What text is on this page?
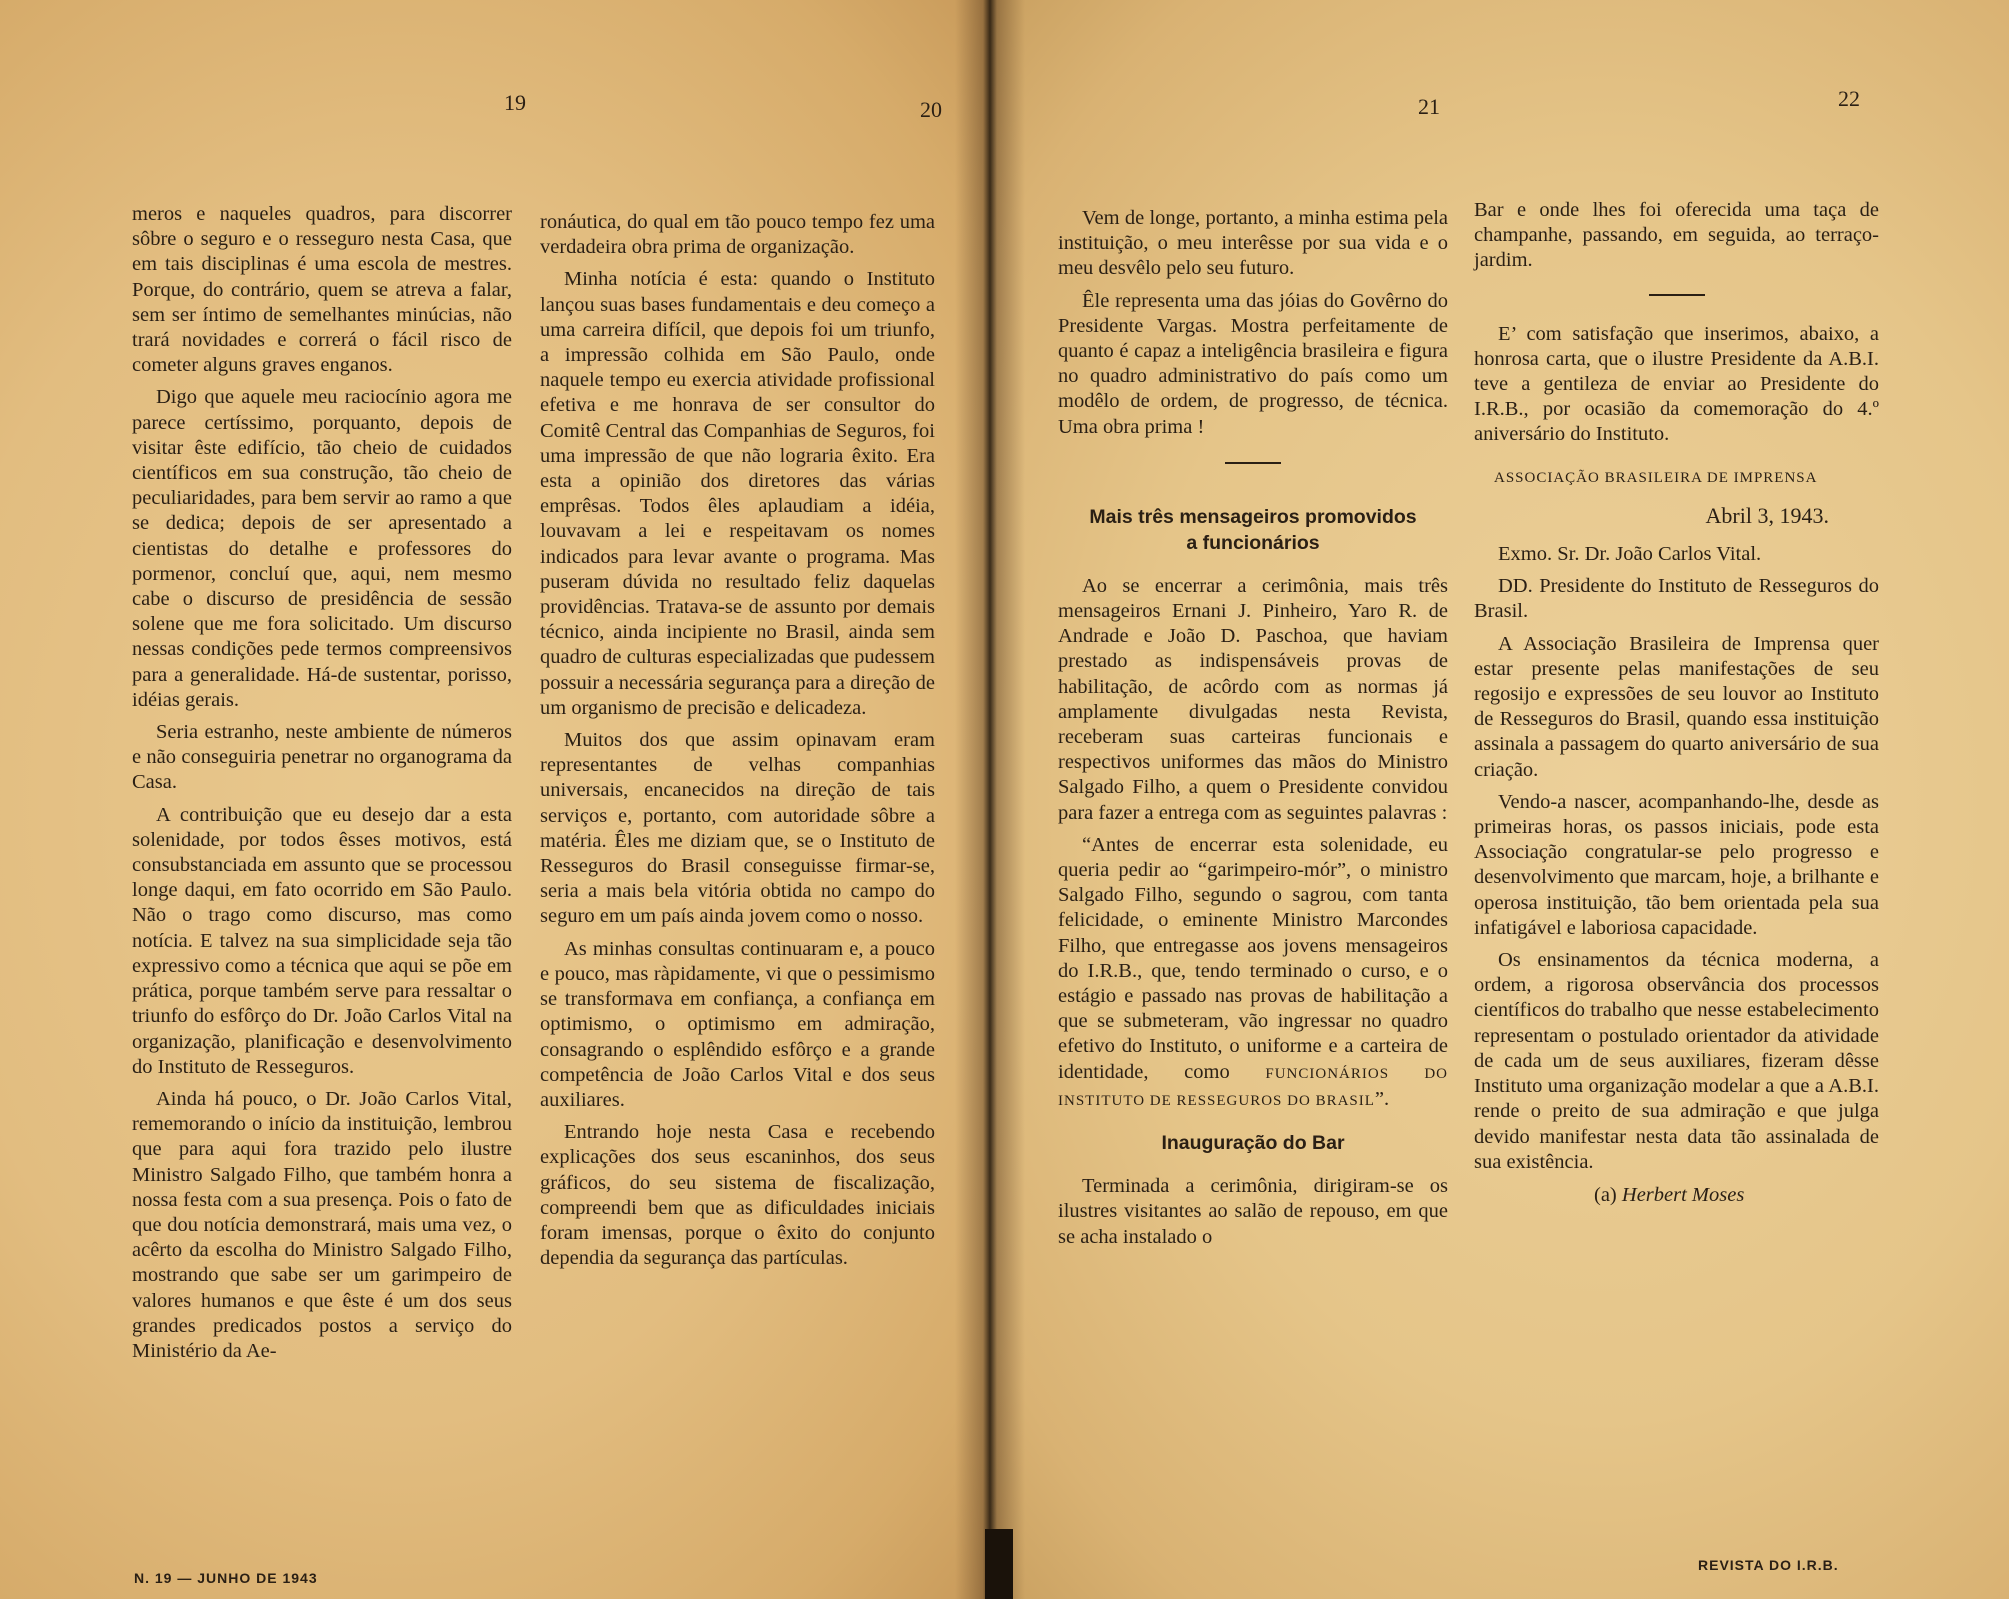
19	20	21	22

meros e naqueles quadros, para discorrer sôbre o seguro e o resseguro nesta Casa, que em tais disciplinas é uma escola de mestres. Porque, do contrário, quem se atreva a falar, sem ser íntimo de semelhantes minúcias, não trará novidades e correrá o fácil risco de cometer alguns graves enganos.

Digo que aquele meu raciocínio agora me parece certíssimo, porquanto, depois de visitar êste edifício, tão cheio de cuidados científicos em sua construção, tão cheio de peculiaridades, para bem servir ao ramo a que se dedica; depois de ser apresentado a cientistas do detalhe e professores do pormenor, concluí que, aqui, nem mesmo cabe o discurso de presidência de sessão solene que me fora solicitado. Um discurso nessas condições pede termos compreensivos para a generalidade. Há-de sustentar, porisso, idéias gerais.

Seria estranho, neste ambiente de números e não conseguiria penetrar no organograma da Casa.

A contribuição que eu desejo dar a esta solenidade, por todos êsses motivos, está consubstanciada em assunto que se processou longe daqui, em fato ocorrido em São Paulo. Não o trago como discurso, mas como notícia. E talvez na sua simplicidade seja tão expressivo como a técnica que aqui se põe em prática, porque também serve para ressaltar o triunfo do esfôrço do Dr. João Carlos Vital na organização, planificação e desenvolvimento do Instituto de Resseguros.

Ainda há pouco, o Dr. João Carlos Vital, rememorando o início da instituição, lembrou que para aqui fora trazido pelo ilustre Ministro Salgado Filho, que também honra a nossa festa com a sua presença. Pois o fato de que dou notícia demonstrará, mais uma vez, o acêrto da escolha do Ministro Salgado Filho, mostrando que sabe ser um garimpeiro de valores humanos e que êste é um dos seus grandes predicados postos a serviço do Ministério da Ae-

ronáutica, do qual em tão pouco tempo fez uma verdadeira obra prima de organização.

Minha notícia é esta: quando o Instituto lançou suas bases fundamentais e deu começo a uma carreira difícil, que depois foi um triunfo, a impressão colhida em São Paulo, onde naquele tempo eu exercia atividade profissional efetiva e me honrava de ser consultor do Comitê Central das Companhias de Seguros, foi uma impressão de que não lograria êxito. Era esta a opinião dos diretores das várias emprêsas. Todos êles aplaudiam a idéia, louvavam a lei e respeitavam os nomes indicados para levar avante o programa. Mas puseram dúvida no resultado feliz daquelas providências. Tratava-se de assunto por demais técnico, ainda incipiente no Brasil, ainda sem quadro de culturas especializadas que pudessem possuir a necessária segurança para a direção de um organismo de precisão e delicadeza.

Muitos dos que assim opinavam eram representantes de velhas companhias universais, encanecidos na direção de tais serviços e, portanto, com autoridade sôbre a matéria. Êles me diziam que, se o Instituto de Resseguros do Brasil conseguisse firmar-se, seria a mais bela vitória obtida no campo do seguro em um país ainda jovem como o nosso.

As minhas consultas continuaram e, a pouco e pouco, mas ràpidamente, vi que o pessimismo se transformava em confiança, a confiança em optimismo, o optimismo em admiração, consagrando o esplêndido esfôrço e a grande competência de João Carlos Vital e dos seus auxiliares.

Entrando hoje nesta Casa e recebendo explicações dos seus escaninhos, dos seus gráficos, do seu sistema de fiscalização, compreendi bem que as dificuldades iniciais foram imensas, porque o êxito do conjunto dependia da segurança das partículas.

Vem de longe, portanto, a minha estima pela instituição, o meu interêsse por sua vida e o meu desvêlo pelo seu futuro.

Êle representa uma das jóias do Govêrno do Presidente Vargas. Mostra perfeitamente de quanto é capaz a inteligência brasileira e figura no quadro administrativo do país como um modêlo de ordem, de progresso, de técnica. Uma obra prima !

Mais três mensageiros promovidos
a funcionários

Ao se encerrar a cerimônia, mais três mensageiros Ernani J. Pinheiro, Yaro R. de Andrade e João D. Paschoa, que haviam prestado as indispensáveis provas de habilitação, de acôrdo com as normas já amplamente divulgadas nesta Revista, receberam suas carteiras funcionais e respectivos uniformes das mãos do Ministro Salgado Filho, a quem o Presidente convidou para fazer a entrega com as seguintes palavras :

“Antes de encerrar esta solenidade, eu queria pedir ao “garimpeiro-mór”, o ministro Salgado Filho, segundo o sagrou, com tanta felicidade, o eminente Ministro Marcondes Filho, que entregasse aos jovens mensageiros do I.R.B., que, tendo terminado o curso, e o estágio e passado nas provas de habilitação a que se submeteram, vão ingressar no quadro efetivo do Instituto, o uniforme e a carteira de identidade, como FUNCIONÁRIOS DO INSTITUTO DE RESSEGUROS DO BRASIL”.

Inauguração do Bar

Terminada a cerimônia, dirigiram-se os ilustres visitantes ao salão de repouso, em que se acha instalado o

Bar e onde lhes foi oferecida uma taça de champanhe, passando, em seguida, ao terraço-jardim.

E’ com satisfação que inserimos, abaixo, a honrosa carta, que o ilustre Presidente da A.B.I. teve a gentileza de enviar ao Presidente do I.R.B., por ocasião da comemoração do 4.º aniversário do Instituto.

ASSOCIAÇÃO BRASILEIRA DE IMPRENSA
Abril 3, 1943.

Exmo. Sr. Dr. João Carlos Vital.

DD. Presidente do Instituto de Resseguros do Brasil.

A Associação Brasileira de Imprensa quer estar presente pelas manifestações de seu regosijo e expressões de seu louvor ao Instituto de Resseguros do Brasil, quando essa instituição assinala a passagem do quarto aniversário de sua criação.

Vendo-a nascer, acompanhando-lhe, desde as primeiras horas, os passos iniciais, pode esta Associação congratular-se pelo progresso e desenvolvimento que marcam, hoje, a brilhante e operosa instituição, tão bem orientada pela sua infatigável e laboriosa capacidade.

Os ensinamentos da técnica moderna, a ordem, a rigorosa observância dos processos científicos do trabalho que nesse estabelecimento representam o postulado orientador da atividade de cada um de seus auxiliares, fizeram dêsse Instituto uma organização modelar a que a A.B.I. rende o preito de sua admiração e que julga devido manifestar nesta data tão assinalada de sua existência.

(a) Herbert Moses
N. 19 — JUNHO DE 1943
REVISTA DO I.R.B.
